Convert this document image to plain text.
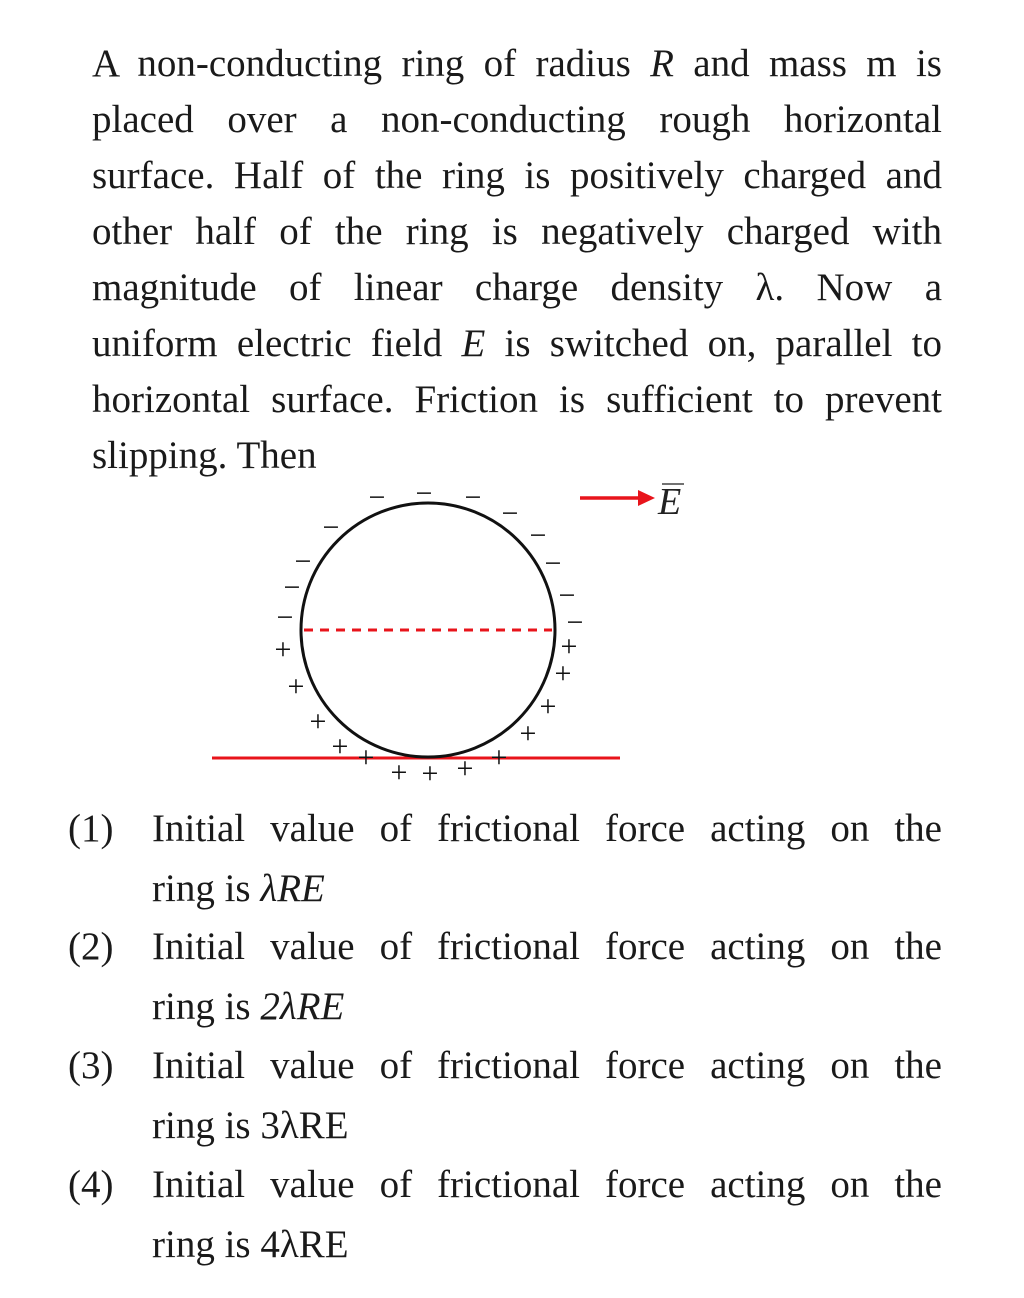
A non-conducting ring of radius R and mass m is
placed over a non-conducting rough horizontal
surface. Half of the ring is positively charged and
other half of the ring is negatively charged with
magnitude of linear charge density λ. Now a
uniform electric field E is switched on, parallel to
horizontal surface. Friction is sufficient to prevent
slipping. Then
E
− − − −
−
−
−
−
−
−
−
−
+
+
+
+ + + + + +
+
+
+
+
(1) Initial value of frictional force acting on the
ring is λRE
(2) Initial value of frictional force acting on the
ring is 2λRE
(3) Initial value of frictional force acting on the
ring is 3λRE
(4) Initial value of frictional force acting on the
ring is 4λRE
